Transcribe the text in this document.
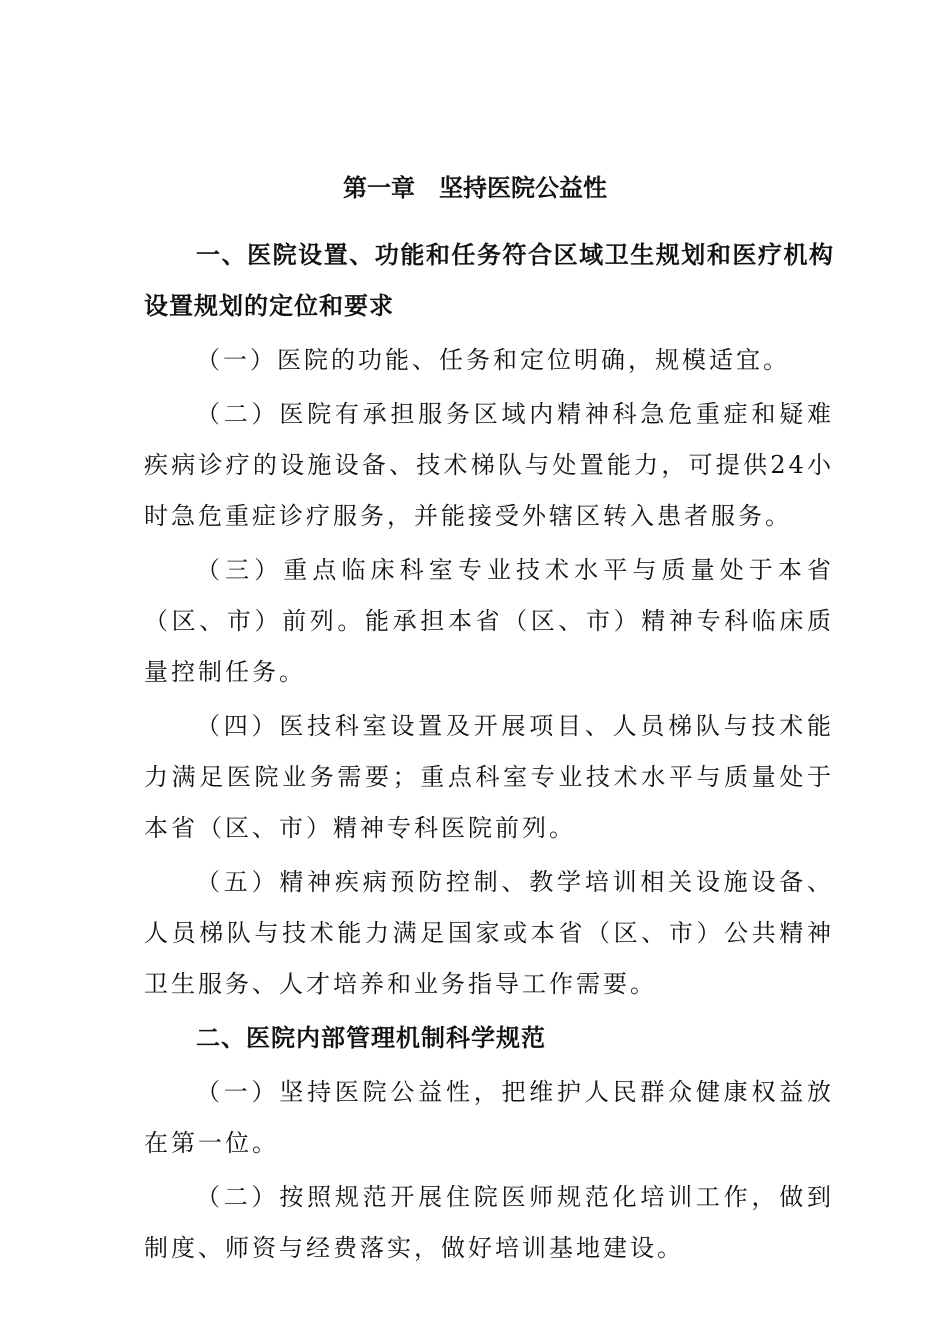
第一章　坚持医院公益性

一、医院设置、功能和任务符合区域卫生规划和医疗机构设置规划的定位和要求

（一）医院的功能、任务和定位明确，规模适宜。

（二）医院有承担服务区域内精神科急危重症和疑难疾病诊疗的设施设备、技术梯队与处置能力，可提供24小时急危重症诊疗服务，并能接受外辖区转入患者服务。

（三）重点临床科室专业技术水平与质量处于本省（区、市）前列。能承担本省（区、市）精神专科临床质量控制任务。

（四）医技科室设置及开展项目、人员梯队与技术能力满足医院业务需要；重点科室专业技术水平与质量处于本省（区、市）精神专科医院前列。

（五）精神疾病预防控制、教学培训相关设施设备、人员梯队与技术能力满足国家或本省（区、市）公共精神卫生服务、人才培养和业务指导工作需要。

二、医院内部管理机制科学规范

（一）坚持医院公益性，把维护人民群众健康权益放在第一位。

（二）按照规范开展住院医师规范化培训工作，做到制度、师资与经费落实，做好培训基地建设。
